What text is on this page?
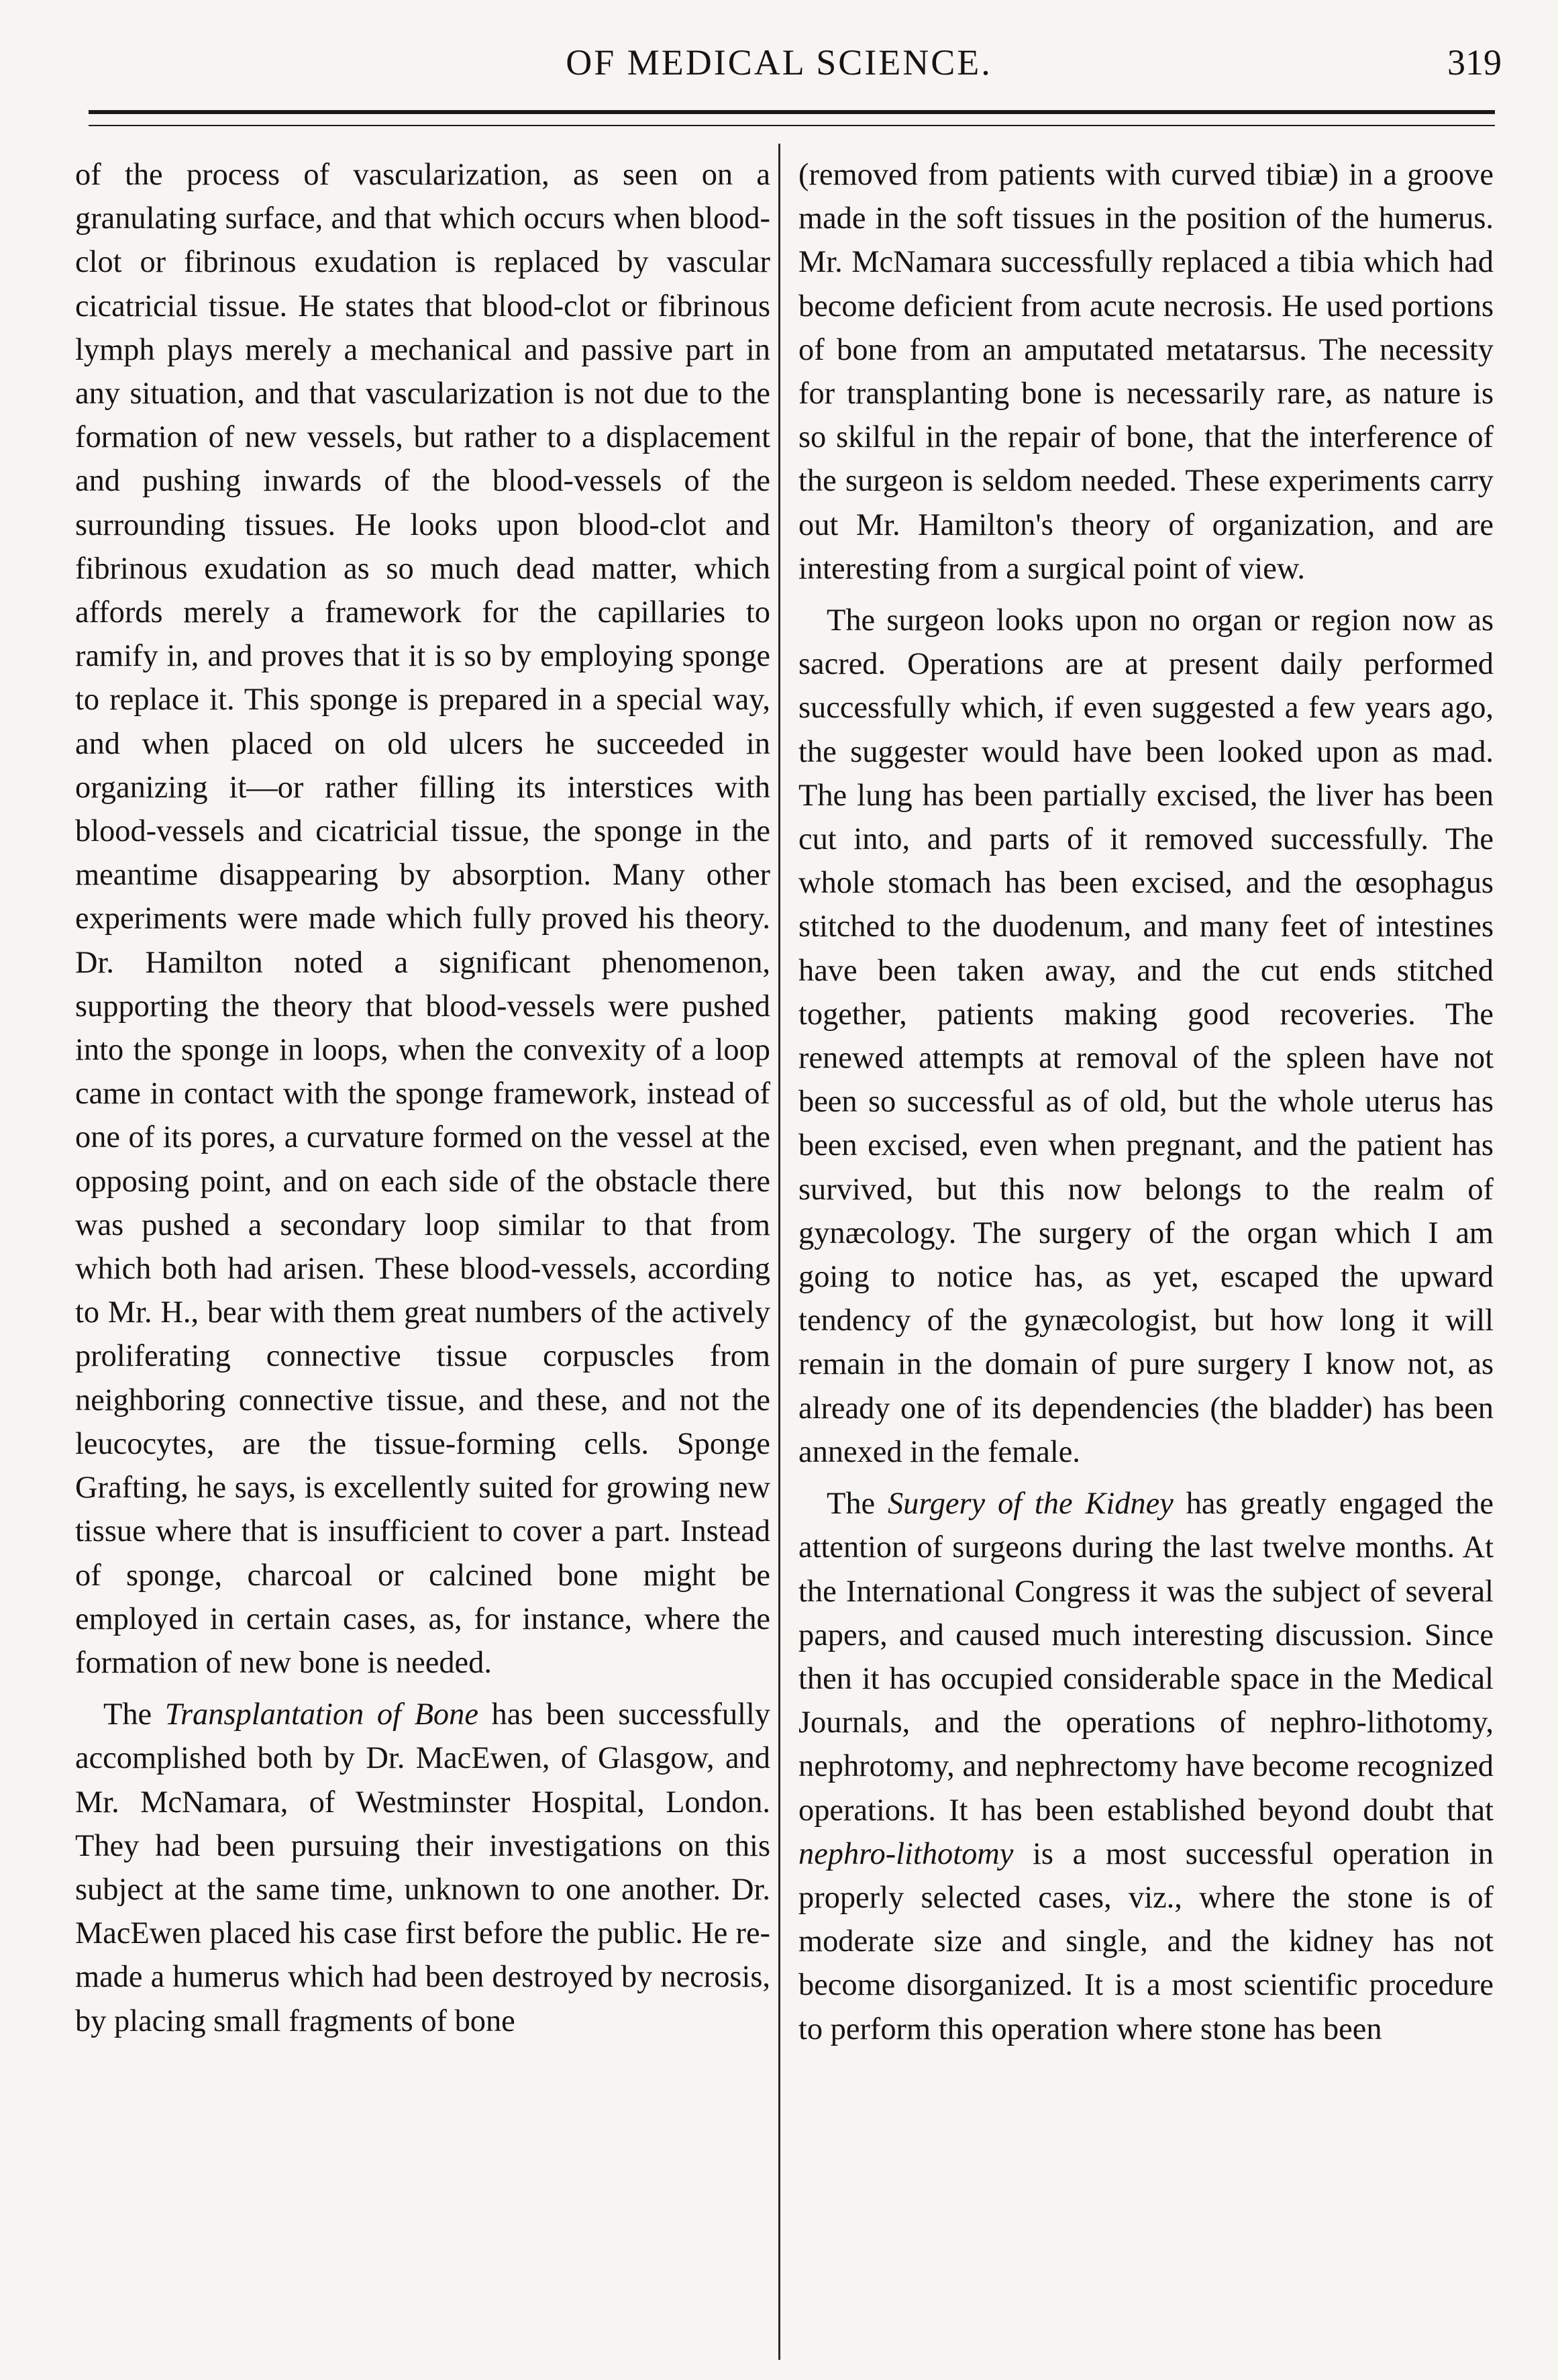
OF MEDICAL SCIENCE.	319

of the process of vascularization, as seen on a granulating surface, and that which occurs when blood-clot or fibrinous exudation is replaced by vascular cicatricial tissue. He states that blood-clot or fibrinous lymph plays merely a mechanical and passive part in any situation, and that vascularization is not due to the formation of new vessels, but rather to a displacement and pushing inwards of the blood-vessels of the surrounding tissues. He looks upon blood-clot and fibrinous exudation as so much dead matter, which affords merely a framework for the capillaries to ramify in, and proves that it is so by employing sponge to replace it. This sponge is prepared in a special way, and when placed on old ulcers he succeeded in organizing it—or rather filling its interstices with blood-vessels and cicatricial tissue, the sponge in the meantime disappearing by absorption. Many other experiments were made which fully proved his theory. Dr. Hamilton noted a significant phenomenon, supporting the theory that blood-vessels were pushed into the sponge in loops, when the convexity of a loop came in contact with the sponge framework, instead of one of its pores, a curvature formed on the vessel at the opposing point, and on each side of the obstacle there was pushed a secondary loop similar to that from which both had arisen. These blood-vessels, according to Mr. H., bear with them great numbers of the actively proliferating connective tissue corpuscles from neighboring connective tissue, and these, and not the leucocytes, are the tissue-forming cells. Sponge Grafting, he says, is excellently suited for growing new tissue where that is insufficient to cover a part. Instead of sponge, charcoal or calcined bone might be employed in certain cases, as, for instance, where the formation of new bone is needed.

The Transplantation of Bone has been successfully accomplished both by Dr. MacEwen, of Glasgow, and Mr. McNamara, of Westminster Hospital, London. They had been pursuing their investigations on this subject at the same time, unknown to one another. Dr. MacEwen placed his case first before the public. He re-made a humerus which had been destroyed by necrosis, by placing small fragments of bone

(removed from patients with curved tibiæ) in a groove made in the soft tissues in the position of the humerus. Mr. McNamara successfully replaced a tibia which had become deficient from acute necrosis. He used portions of bone from an amputated metatarsus. The necessity for transplanting bone is necessarily rare, as nature is so skilful in the repair of bone, that the interference of the surgeon is seldom needed. These experiments carry out Mr. Hamilton's theory of organization, and are interesting from a surgical point of view.

The surgeon looks upon no organ or region now as sacred. Operations are at present daily performed successfully which, if even suggested a few years ago, the suggester would have been looked upon as mad. The lung has been partially excised, the liver has been cut into, and parts of it removed successfully. The whole stomach has been excised, and the œsophagus stitched to the duodenum, and many feet of intestines have been taken away, and the cut ends stitched together, patients making good recoveries. The renewed attempts at removal of the spleen have not been so successful as of old, but the whole uterus has been excised, even when pregnant, and the patient has survived, but this now belongs to the realm of gynæcology. The surgery of the organ which I am going to notice has, as yet, escaped the upward tendency of the gynæcologist, but how long it will remain in the domain of pure surgery I know not, as already one of its dependencies (the bladder) has been annexed in the female.

The Surgery of the Kidney has greatly engaged the attention of surgeons during the last twelve months. At the International Congress it was the subject of several papers, and caused much interesting discussion. Since then it has occupied considerable space in the Medical Journals, and the operations of nephro-lithotomy, nephrotomy, and nephrectomy have become recognized operations. It has been established beyond doubt that nephro-lithotomy is a most successful operation in properly selected cases, viz., where the stone is of moderate size and single, and the kidney has not become disorganized. It is a most scientific procedure to perform this operation where stone has been
